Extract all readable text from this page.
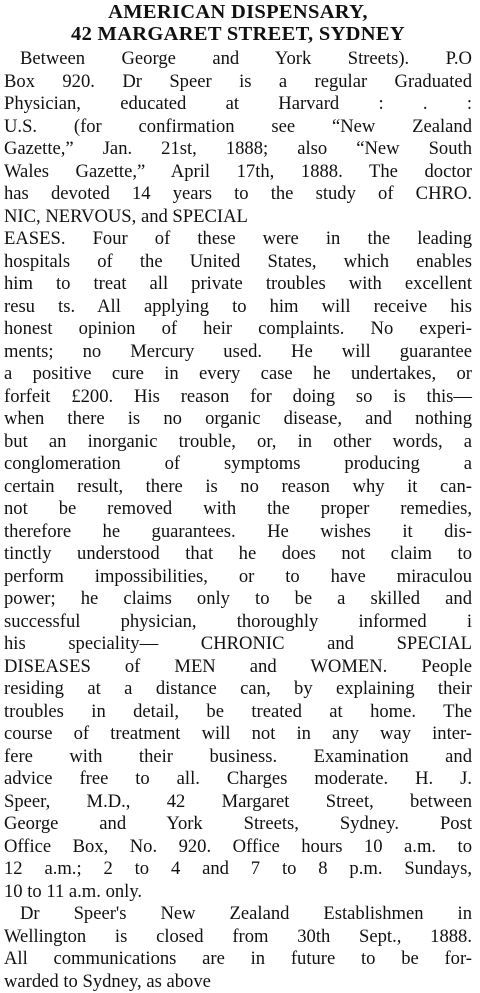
AMERICAN DISPENSARY,
42 MARGARET STREET, SYDNEY
Between George and York Streets). P.O
Box 920. Dr Speer is a regular Graduated
Physician, educated at Harvard : . :
U.S. (for confirmation see “New Zealand
Gazette,” Jan. 21st, 1888; also “New South
Wales Gazette,” April 17th, 1888. The doctor
has devoted 14 years to the study of CHRO.
NIC, NERVOUS, and SPECIAL
EASES. Four of these were in the leading
hospitals of the United States, which enables
him to treat all private troubles with excellent
resu ts. All applying to him will receive his
honest opinion of heir complaints. No experi-
ments; no Mercury used. He will guarantee
a positive cure in every case he undertakes, or
forfeit £200. His reason for doing so is this—
when there is no organic disease, and nothing
but an inorganic trouble, or, in other words, a
conglomeration of symptoms producing a
certain result, there is no reason why it can-
not be removed with the proper remedies,
therefore he guarantees. He wishes it dis-
tinctly understood that he does not claim to
perform impossibilities, or to have miraculou
power; he claims only to be a skilled and
successful physician, thoroughly informed i
his speciality— CHRONIC and SPECIAL
DISEASES of MEN and WOMEN. People
residing at a distance can, by explaining their
troubles in detail, be treated at home. The
course of treatment will not in any way inter-
fere with their business. Examination and
advice free to all. Charges moderate. H. J.
Speer, M.D., 42 Margaret Street, between
George and York Streets, Sydney. Post
Office Box, No. 920. Office hours 10 a.m. to
12 a.m.; 2 to 4 and 7 to 8 p.m. Sundays,
10 to 11 a.m. only.
Dr Speer's New Zealand Establishmen in
Wellington is closed from 30th Sept., 1888.
All communications are in future to be for-
warded to Sydney, as above
